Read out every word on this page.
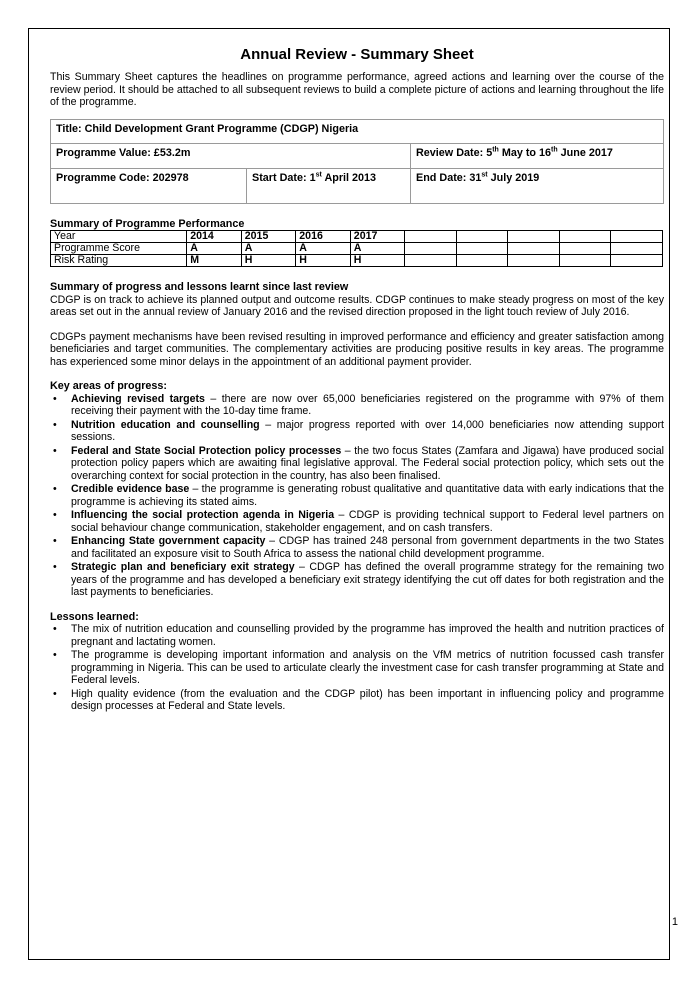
Annual Review - Summary Sheet

This Summary Sheet captures the headlines on programme performance, agreed actions and learning over the course of the review period. It should be attached to all subsequent reviews to build a complete picture of actions and learning throughout the life of the programme.

Title: Child Development Grant Programme (CDGP) Nigeria		
Programme Value: £53.2m		Review Date: 5th May to 16th June 2017
Programme Code: 202978	Start Date: 1st April 2013	End Date: 31st July 2019
Summary of Programme Performance
Year	2014	2015	2016	2017					
Programme Score	A	A	A	A					
Risk Rating	M	H	H	H					
Summary of progress and lessons learnt since last review

CDGP is on track to achieve its planned output and outcome results. CDGP continues to make steady progress on most of the key areas set out in the annual review of January 2016 and the revised direction proposed in the light touch review of July 2016.

CDGPs payment mechanisms have been revised resulting in improved performance and efficiency and greater satisfaction among beneficiaries and target communities. The complementary activities are producing positive results in key areas. The programme has experienced some minor delays in the appointment of an additional payment provider.

Key areas of progress:
• Achieving revised targets – there are now over 65,000 beneficiaries registered on the programme with 97% of them receiving their payment with the 10-day time frame.
• Nutrition education and counselling – major progress reported with over 14,000 beneficiaries now attending support sessions.
• Federal and State Social Protection policy processes – the two focus States (Zamfara and Jigawa) have produced social protection policy papers which are awaiting final legislative approval. The Federal social protection policy, which sets out the overarching context for social protection in the country, has also been finalised.
• Credible evidence base – the programme is generating robust qualitative and quantitative data with early indications that the programme is achieving its stated aims.
• Influencing the social protection agenda in Nigeria – CDGP is providing technical support to Federal level partners on social behaviour change communication, stakeholder engagement, and on cash transfers.
• Enhancing State government capacity – CDGP has trained 248 personal from government departments in the two States and facilitated an exposure visit to South Africa to assess the national child development programme.
• Strategic plan and beneficiary exit strategy – CDGP has defined the overall programme strategy for the remaining two years of the programme and has developed a beneficiary exit strategy identifying the cut off dates for both registration and the last payments to beneficiaries.
Lessons learned:
• The mix of nutrition education and counselling provided by the programme has improved the health and nutrition practices of pregnant and lactating women.
• The programme is developing important information and analysis on the VfM metrics of nutrition focussed cash transfer programming in Nigeria. This can be used to articulate clearly the investment case for cash transfer programming at State and Federal levels.
• High quality evidence (from the evaluation and the CDGP pilot) has been important in influencing policy and programme design processes at Federal and State levels.
1
